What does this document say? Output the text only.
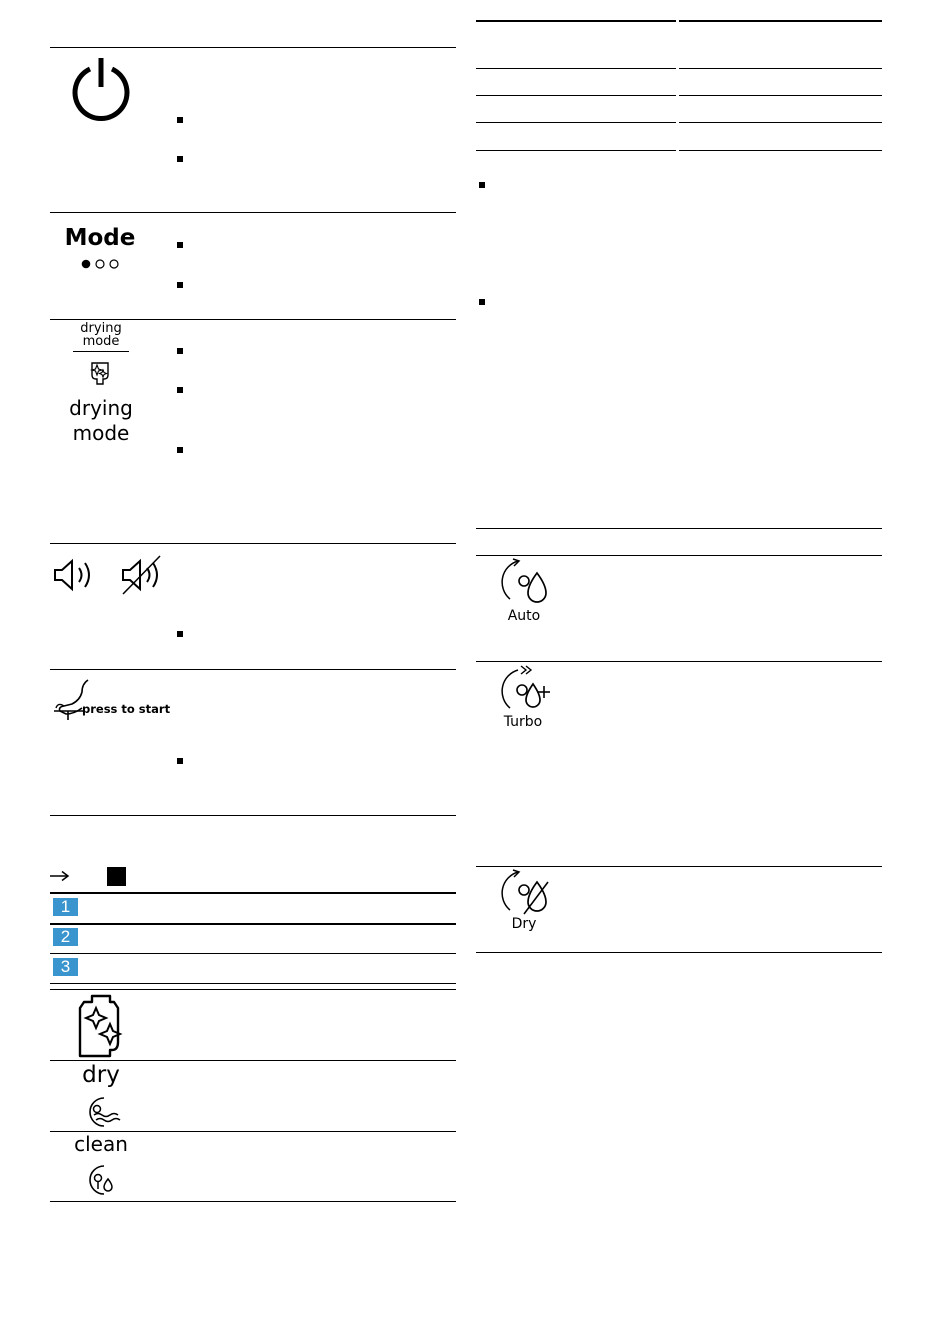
Mode
drying
mode
drying
mode
press to start
1
2
3
dry
clean
Auto
Turbo
Dry
